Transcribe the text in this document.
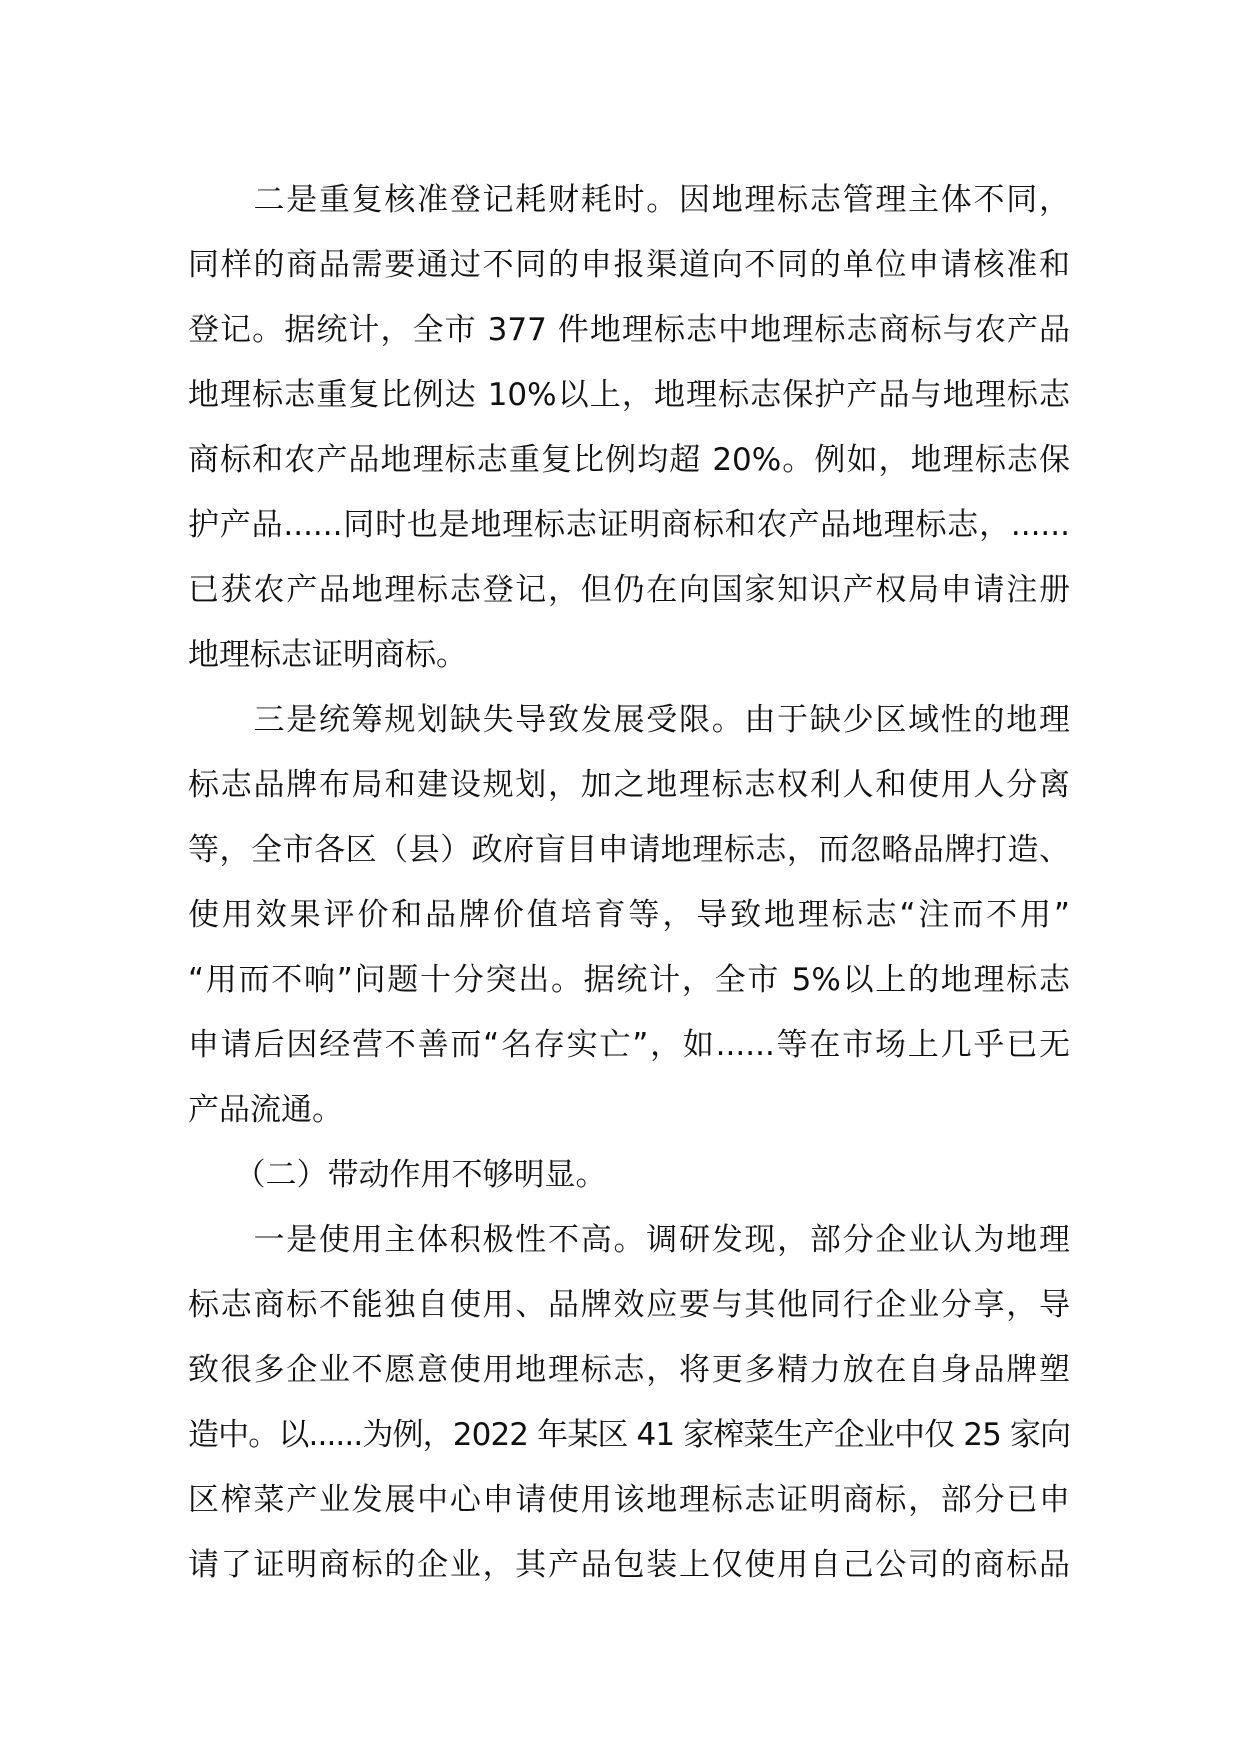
　　二是重复核准登记耗财耗时。因地理标志管理主体不同，
同样的商品需要通过不同的申报渠道向不同的单位申请核准和
登记。据统计，全市 377 件地理标志中地理标志商标与农产品
地理标志重复比例达 10%以上，地理标志保护产品与地理标志
商标和农产品地理标志重复比例均超 20%。例如，地理标志保
护产品......同时也是地理标志证明商标和农产品地理标志，......
已获农产品地理标志登记，但仍在向国家知识产权局申请注册
地理标志证明商标。
　　三是统筹规划缺失导致发展受限。由于缺少区域性的地理
标志品牌布局和建设规划，加之地理标志权利人和使用人分离
等，全市各区（县）政府盲目申请地理标志，而忽略品牌打造、
使用效果评价和品牌价值培育等，导致地理标志“注而不用”
“用而不响”问题十分突出。据统计，全市 5%以上的地理标志
申请后因经营不善而“名存实亡”，如......等在市场上几乎已无
产品流通。
　　（二）带动作用不够明显。
　　一是使用主体积极性不高。调研发现，部分企业认为地理
标志商标不能独自使用、品牌效应要与其他同行企业分享，导
致很多企业不愿意使用地理标志，将更多精力放在自身品牌塑
造中。以......为例，2022 年某区 41 家榨菜生产企业中仅 25 家向
区榨菜产业发展中心申请使用该地理标志证明商标，部分已申
请了证明商标的企业，其产品包装上仅使用自己公司的商标品
